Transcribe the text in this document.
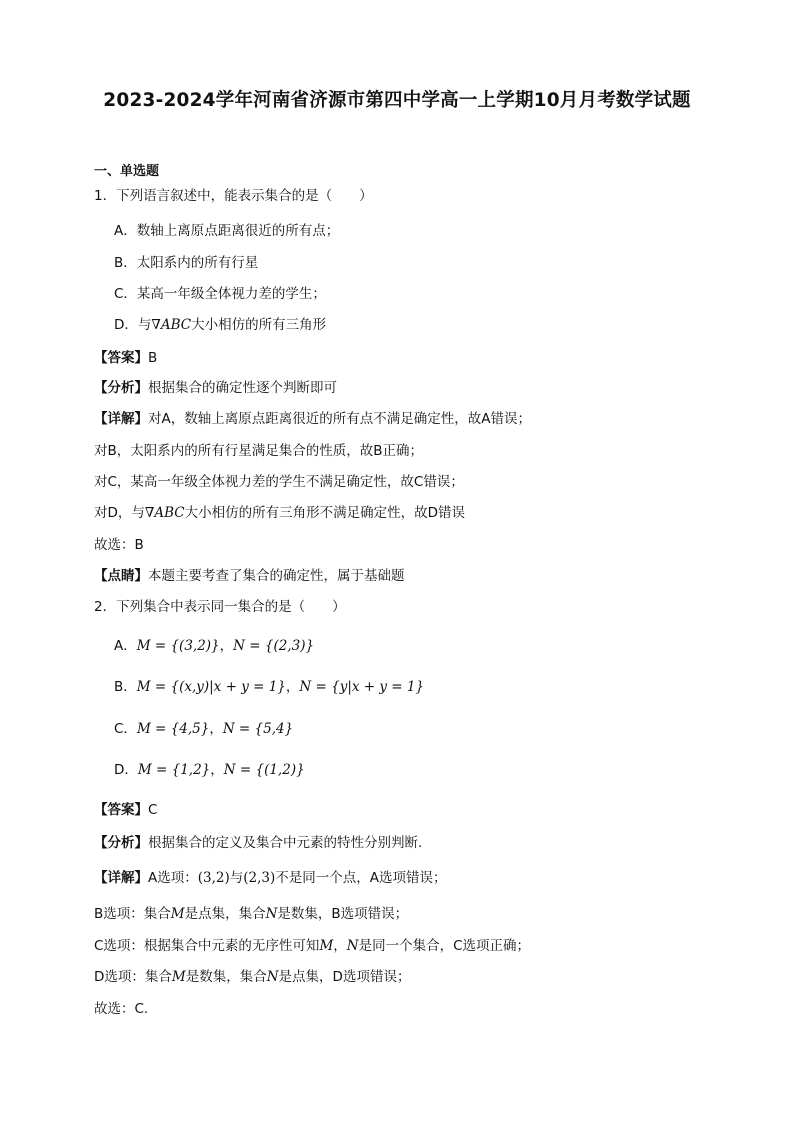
2023-2024学年河南省济源市第四中学高一上学期10月月考数学试题
一、单选题
1．下列语言叙述中，能表示集合的是（　　）
A．数轴上离原点距离很近的所有点；
B．太阳系内的所有行星
C．某高一年级全体视力差的学生；
D．与∇ABC大小相仿的所有三角形
【答案】B
【分析】根据集合的确定性逐个判断即可
【详解】对A，数轴上离原点距离很近的所有点不满足确定性，故A错误；
对B，太阳系内的所有行星满足集合的性质，故B正确；
对C，某高一年级全体视力差的学生不满足确定性，故C错误；
对D，与∇ABC大小相仿的所有三角形不满足确定性，故D错误
故选：B
【点睛】本题主要考查了集合的确定性，属于基础题
2．下列集合中表示同一集合的是（　　）
A．M = {(3,2)}，N = {(2,3)}
B．M = {(x,y)|x + y = 1}，N = {y|x + y = 1}
C．M = {4,5}，N = {5,4}
D．M = {1,2}，N = {(1,2)}
【答案】C
【分析】根据集合的定义及集合中元素的特性分别判断.
【详解】A选项：(3,2)与(2,3)不是同一个点，A选项错误；
B选项：集合M是点集，集合N是数集，B选项错误；
C选项：根据集合中元素的无序性可知M，N是同一个集合，C选项正确；
D选项：集合M是数集，集合N是点集，D选项错误；
故选：C.
